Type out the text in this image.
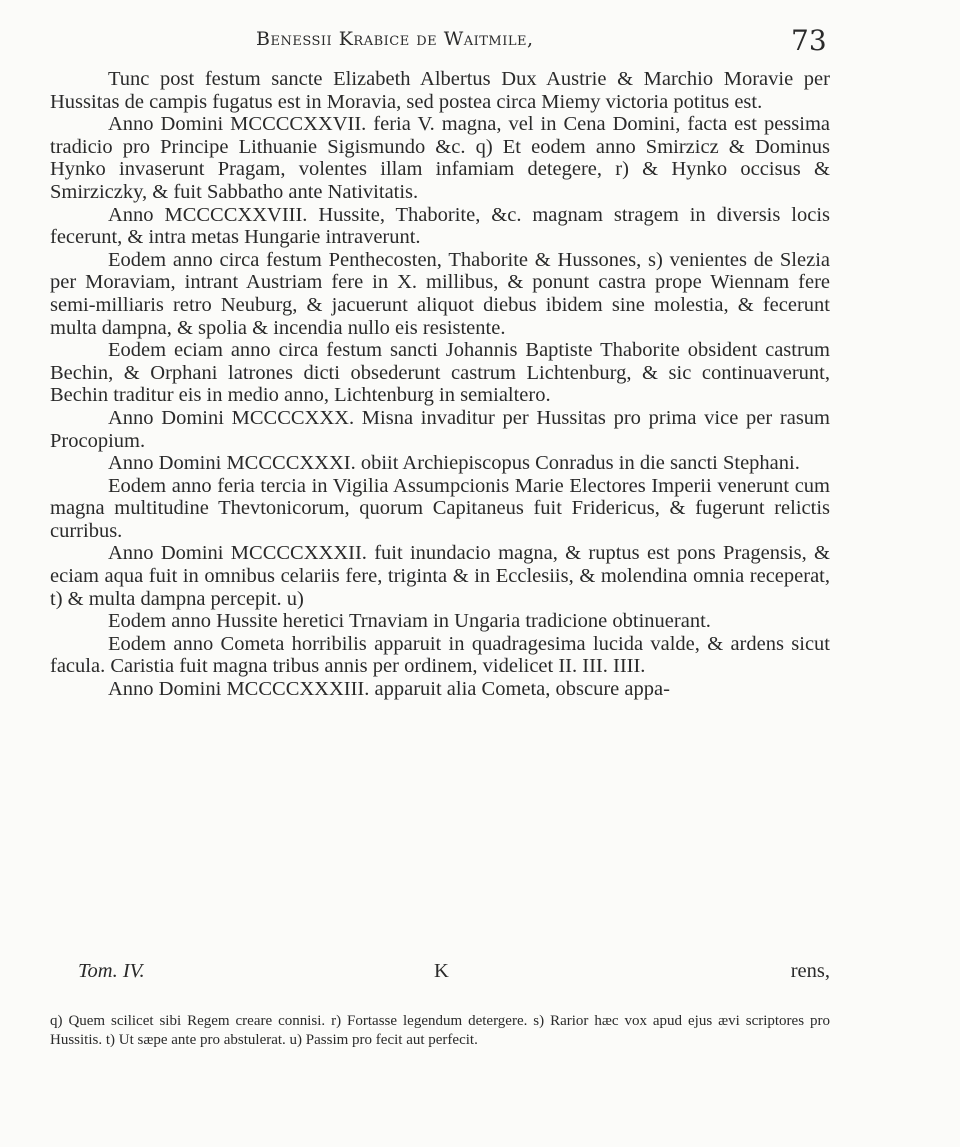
Benessii Krabice de Waitmile,	73

Tunc post festum sancte Elizabeth Albertus Dux Austrie & Marchio Moravie per Hussitas de campis fugatus est in Moravia, sed postea circa Miemy victoria potitus est.

Anno Domini MCCCCXXVII. feria V. magna, vel in Cena Domini, facta est pessima tradicio pro Principe Lithuanie Sigismundo &c. q) Et eodem anno Smirzicz & Dominus Hynko invaserunt Pragam, volentes illam infamiam detegere, r) & Hynko occisus & Smirziczky, & fuit Sabbatho ante Nativitatis.

Anno MCCCCXXVIII. Hussite, Thaborite, &c. magnam stragem in diversis locis fecerunt, & intra metas Hungarie intraverunt.

Eodem anno circa festum Penthecosten, Thaborite & Hussones, s) venientes de Slezia per Moraviam, intrant Austriam fere in X. millibus, & ponunt castra prope Wiennam fere semi-milliaris retro Neuburg, & jacuerunt aliquot diebus ibidem sine molestia, & fecerunt multa dampna, & spolia & incendia nullo eis resistente.

Eodem eciam anno circa festum sancti Johannis Baptiste Thaborite obsident castrum Bechin, & Orphani latrones dicti obsederunt castrum Lichtenburg, & sic continuaverunt, Bechin traditur eis in medio anno, Lichtenburg in semialtero.

Anno Domini MCCCCXXX. Misna invaditur per Hussitas pro prima vice per rasum Procopium.

Anno Domini MCCCCXXXI. obiit Archiepiscopus Conradus in die sancti Stephani.

Eodem anno feria tercia in Vigilia Assumpcionis Marie Electores Imperii venerunt cum magna multitudine Thevtonicorum, quorum Capitaneus fuit Fridericus, & fugerunt relictis curribus.

Anno Domini MCCCCXXXII. fuit inundacio magna, & ruptus est pons Pragensis, & eciam aqua fuit in omnibus celariis fere, triginta & in Ecclesiis, & molendina omnia receperat, t) & multa dampna percepit. u)

Eodem anno Hussite heretici Trnaviam in Ungaria tradicione obtinuerant.

Eodem anno Cometa horribilis apparuit in quadragesima lucida valde, & ardens sicut facula. Caristia fuit magna tribus annis per ordinem, videlicet II. III. IIII.

Anno Domini MCCCCXXXIII. apparuit alia Cometa, obscure appa-

Tom. IV.	K	rens,

q) Quem scilicet sibi Regem creare connisi. r) Fortasse legendum detergere. s) Rarior hæc vox apud ejus ævi scriptores pro Hussitis. t) Ut sæpe ante pro abstulerat. u) Passim pro fecit aut perfecit.
